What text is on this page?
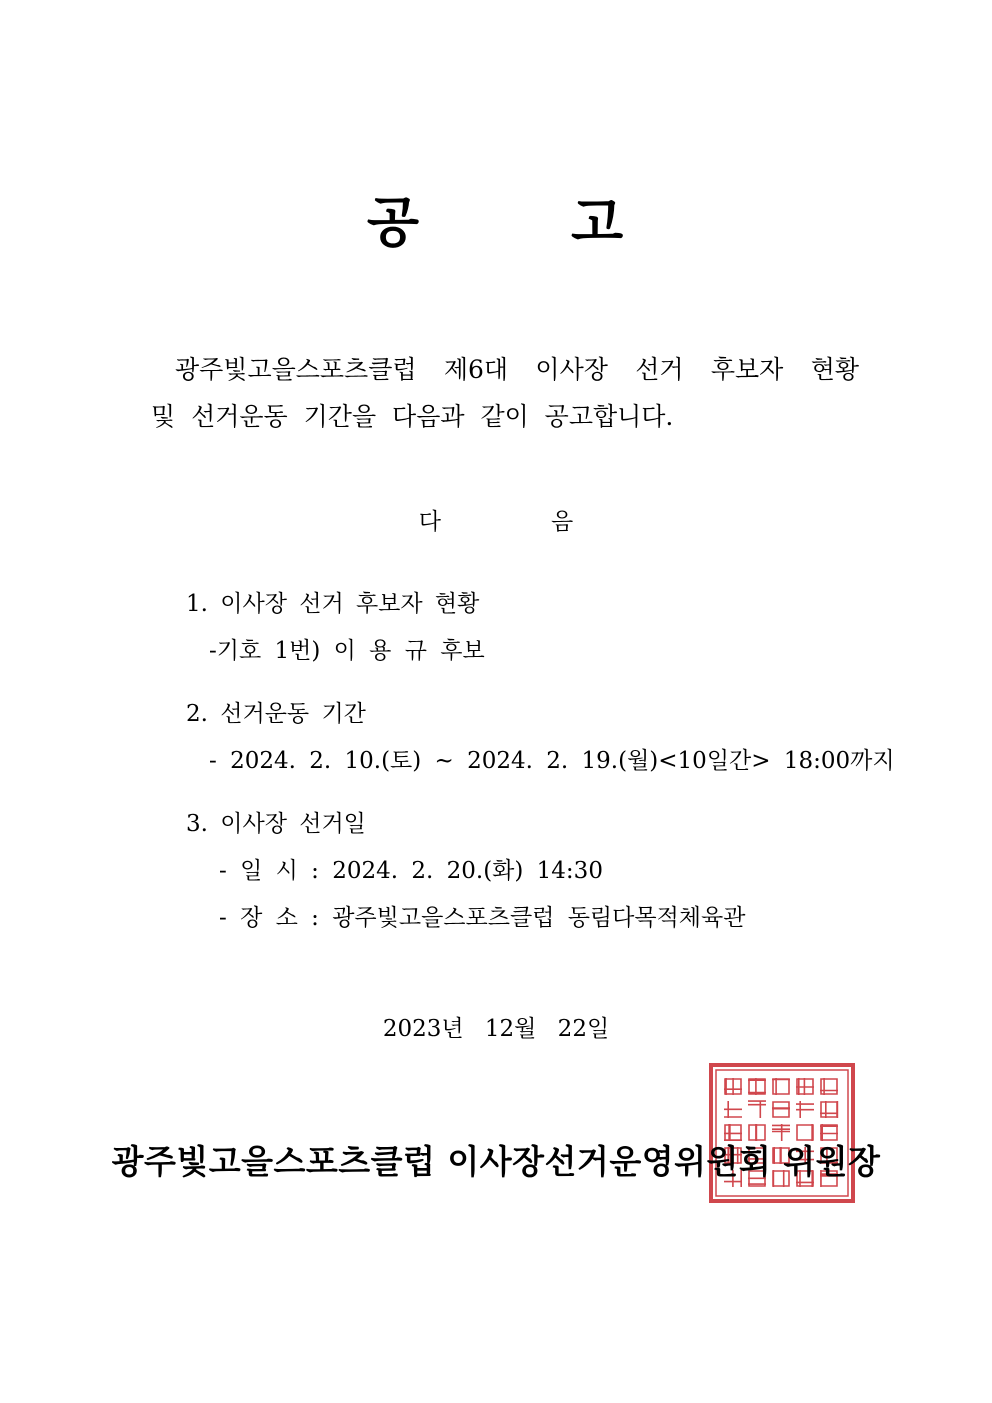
공	고
광주빛고을스포츠클럽 제6대 이사장 선거 후보자 현황
및 선거운동 기간을 다음과 같이 공고합니다.
다	음
1. 이사장 선거 후보자 현황
-기호 1번) 이 용 규 후보
2. 선거운동 기간
- 2024. 2. 10.(토) ~ 2024. 2. 19.(월)<10일간> 18:00까지
3. 이사장 선거일
- 일 시 : 2024. 2. 20.(화) 14:30
- 장 소 : 광주빛고을스포츠클럽 동림다목적체육관
2023년 12월 22일
광주빛고을스포츠클럽 이사장선거운영위원회 위원장
